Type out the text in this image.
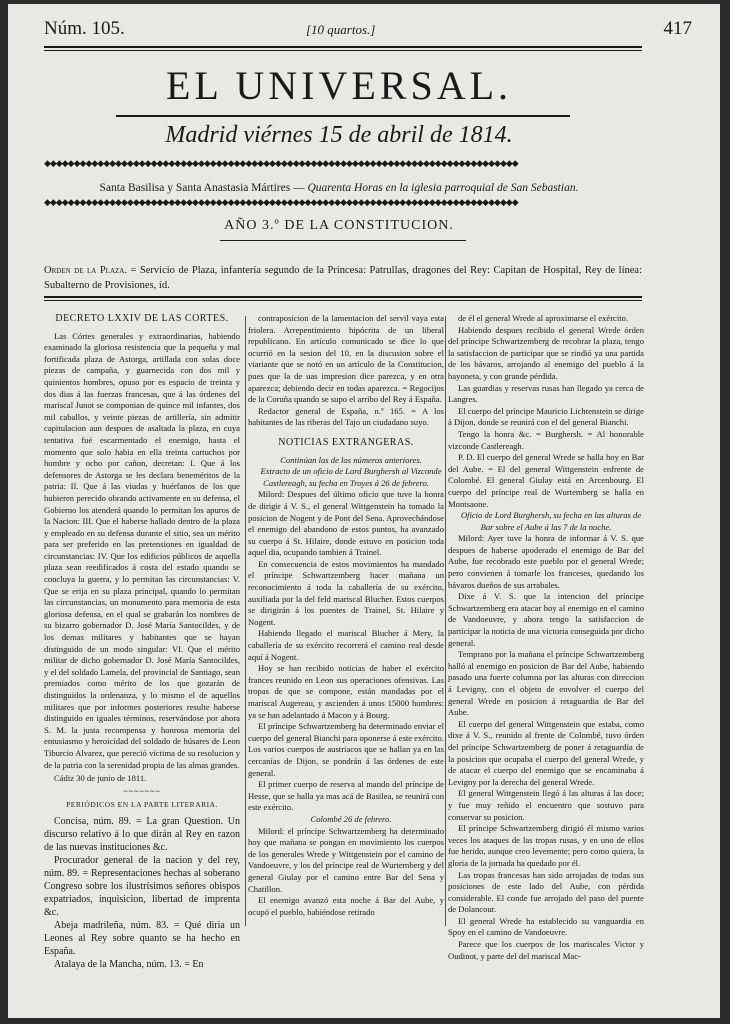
Núm. 105.	[10 quartos.]	417
EL UNIVERSAL.
Madrid viérnes 15 de abril de 1814.
◆◆◆◆◆◆◆◆◆◆◆◆◆◆◆◆◆◆◆◆◆◆◆◆◆◆◆◆◆◆◆◆◆◆◆◆◆◆◆◆◆◆◆◆◆◆◆◆◆◆◆◆◆◆◆◆◆◆◆◆◆◆◆◆◆◆◆◆◆◆◆◆◆◆◆◆◆◆◆◆
Santa Basilisa y Santa Anastasia Mártires — Quarenta Horas en la iglesia parroquial de San Sebastian.
◆◆◆◆◆◆◆◆◆◆◆◆◆◆◆◆◆◆◆◆◆◆◆◆◆◆◆◆◆◆◆◆◆◆◆◆◆◆◆◆◆◆◆◆◆◆◆◆◆◆◆◆◆◆◆◆◆◆◆◆◆◆◆◆◆◆◆◆◆◆◆◆◆◆◆◆◆◆◆◆
AÑO 3.º DE LA CONSTITUCION.
Orden de la Plaza. = Servicio de Plaza, infantería segundo de la Princesa: Patrullas, dragones del Rey: Capitan de Hospital, Rey de línea: Subalterno de Provisiones, íd.
DECRETO LXXIV DE LAS CORTES.

Las Córtes generales y extraordinarias, habiendo examinado la gloriosa resistencia que la pequeña y mal fortificada plaza de Astorga, artillada con solas doce piezas de campaña, y guarnecida con dos mil y quinientos hombres, opuso por es espacio de treinta y dos dias á las fuerzas francesas, que á las órdenes del mariscal Junot se componian de quince mil infantes, dos mil caballos, y veinte piezas de artillería, sin admitir capitulacion aun despues de asaltada la plaza, en cuya tentativa fué escarmentado el enemigo, hasta el momento que solo habia en ella treinta cartuchos por hombre y ocho por cañon, decretan: I. Que á los defensores de Astorga se les declara beneméritos de la patria: II. Que á las viudas y huérfanos de los que hubieren perecido obrando activamente en su defensa, el Gobierno los atenderá quando lo permitan los apuros de la Nacion: III. Que el haberse hallado dentro de la plaza y empleado en su defensa durante el sitio, sea un mérito para ser preferido en las pretensiones en igualdad de circunstancias: IV. Que los edificios públicos de aquella plaza sean reedificados á costa del estado quando se concluya la guerra, y lo permitan las circunstancias: V. Que se erija en su plaza principal, quando lo permitan las circunstancias, un monumento para memoria de esta gloriosa defensa, en el qual se grabarán los nombres de su bizarro gobernador D. José María Santocildes, y de los demas militares y habitantes que se hayan distinguido de un modo singular: VI. Que el mérito militar de dicho gobernador D. José María Santocildes, y el del soldado Lamela, del provincial de Santiago, sean premiados como mérito de los que gozarán de distinguidos la ordenanza, y lo mismo el de aquellos militares que por informes posteriores resulte haberse distinguido en iguales términos, reservándose por ahora S. M. la justa recompensa y honrosa memoria del entusiasmo y heroicidad del soldado de húsares de Leon Tiburcio Alvarez, que pereció víctima de su resolucion y de la patria con la serenidad propia de las almas grandes.

Cádiz 30 de junio de 1811.

~~~~~~~
PERIÓDICOS EN LA PARTE LITERARIA.

Concisa, núm. 89. = La gran Question. Un discurso relativo á lo que dirán al Rey en razon de las nuevas instituciones &c.

Procurador general de la nacion y del rey, núm. 89. = Representaciones hechas al soberano Congreso sobre los ilustrísimos señores obispos expatriados, inquisicion, libertad de imprenta &c.

Abeja madrileña, núm. 83. = Qué diria un Leones al Rey sobre quanto se ha hecho en España.

Atalaya de la Mancha, núm. 13. = En

contraposicion de la lamentacion del servil vaya esta friolera. Arrepentimiento hipócrita de un liberal republicano. En artículo comunicado se dice lo que ocurrió en la sesion del 10, en la discusion sobre el viariante que se notó en un artículo de la Constitucion, pues que la de uas impresion dice parezca, y en otra aparezca; debiendo decir en todas aparezca. = Regocijos de la Coruña quando se supo el arribo del Rey á España.

Redactor general de España, n.º 165. = A los habitantes de las riberas del Tajo un ciudadano suyo.

NOTICIAS EXTRANGERAS.

Continúan las de los números anteriores.

Extracto de un oficio de Lord Burghersh al Vizconde Castlereagh, su fecha en Troyes á 26 de febrero.

Milord: Despues del último oficio que tuve la honra de dirigir á V. S., el general Wittgenstein ha tomado la posicion de Nogent y de Pont del Sena. Aprovechándose el enemigo del abandono de estos puntos, ha avanzado su cuerpo á St. Hilaire, donde estuvo en posicion toda aquel dia, ocupando tambien á Trainel.

En consecuencia de estos movimientos ha mandado el príncipe Schwartzemberg hacer mañana un reconocimiento á toda la caballería de su exército, auxiliada por la del feld mariscal Blucher. Estos cuerpos se dirigirán á los puentes de Trainel, St. Hilaire y Nogent.

Habiendo llegado el mariscal Blucher á Mery, la caballería de su exército recorrerá el camino real desde aquí á Nogent.

Hoy se han recibido noticias de haber el exército frances reunido en Leon sus operaciones ofensivas. Las tropas de que se compone, están mandadas por el mariscal Augereau, y ascienden á unos 15000 hombres: ya se han adelantado á Macon y á Bourg.

El príncipe Schwartzemberg ha determinado enviar el cuerpo del general Bianchi para oponerse á este exército. Los varios cuerpos de austriacos que se hallan ya en las cercanías de Dijon, se pondrán á las órdenes de este general.

El primer cuerpo de reserva al mando del príncipe de Hesse, que se halla ya mas acá de Basilea, se reunirá con este exército.

Colombé 26 de febrero.

Milord: el príncipe Schwartzemberg ha determinado hoy que mañana se pongan en movimiento los cuerpos de los generales Wrede y Wittgenstein por el camino de Vandoeuvre, y los del príncipe real de Wurtemberg y del general Giulay por el camino entre Bar del Sena y Chatillon.

El enemigo avanzó esta noche á Bar del Aube, y ocupó el pueblo, habiéndose retirado

de él el general Wrede al aproximarse el exército.

Habiendo despues recibido el general Wrede órden del príncipe Schwartzemberg de recobrar la plaza, tengo la satisfaccion de participar que se rindió ya una partida de los bávaros, arrojando al enemigo del pueblo á la bayoneta, y con grande pérdida.

Las guardias y reservas rusas han llegado ya cerca de Langres.

El cuerpo del príncipe Mauricio Lichtenstein se dirige á Dijon, donde se reunirá con el del general Bianchi.

Tengo la honra &c. = Burghersh. = Al honorable vizconde Castlereagh.

P. D. El cuerpo del general Wrede se halla hoy en Bar del Aube. = El del general Wittgenstein enfrente de Colombé. El general Giulay está en Arcenbourg. El cuerpo del príncipe real de Wurtemberg se halla en Montsaone.

Oficio de Lord Burghersh, su fecha en las alturas de Bar sobre el Aube á las 7 de la noche.

Milord: Ayer tuve la honra de informar á V. S. que despues de haberse apoderado el enemigo de Bar del Aube, fue recobrado este pueblo por el general Wrede; pero convienen á tomarle los franceses, quedando los bávaros dueños de sus arrabales.

Dixe á V. S. que la intencion del príncipe Schwartzemberg era atacar hoy al enemigo en el camino de Vandoeuvre, y ahora tengo la satisfaccion de participar la noticia de una victoria conseguida por dicho general.

Temprano por la mañana el príncipe Schwartzemberg halló al enemigo en posicion de Bar del Aube, habiendo pasado una fuerte columna por las alturas con direccion á Levigny, con el objeto de envolver el cuerpo del general Wrede en posicion á retaguardia de Bar del Aube.

El cuerpo del general Wittgenstein que estaba, como dixe á V. S., reunido al frente de Colombé, tuvo órden del príncipe Schwartzemberg de poner á retaguardia de la posicion que ocupaba el cuerpo del general Wrede, y de atacar el cuerpo del enemigo que se encaminaba á Levigny por la derecha del general Wrede.

El general Wittgenstein llegó á las alturas á las doce; y fue muy reñido el encuentro que sostuvo para conservar su posicion.

El príncipe Schwartzemberg dirigió él mismo varios veces los ataques de las tropas rusas, y en uno de ellos fue herido, aunque creo levemente; pero como quiera, la gloria de la jornada ha quedado por él.

Las tropas francesas han sido arrojadas de todas sus posiciones de este lado del Aube, con pérdida considerable. El conde fue arrojado del paso del puente de Dolancour.

El general Wrede ha establecido su vanguardia en Spoy en el camino de Vandoeuvre.

Parece que los cuerpos de los mariscales Victor y Oudinot, y parte del del mariscal Mac-
